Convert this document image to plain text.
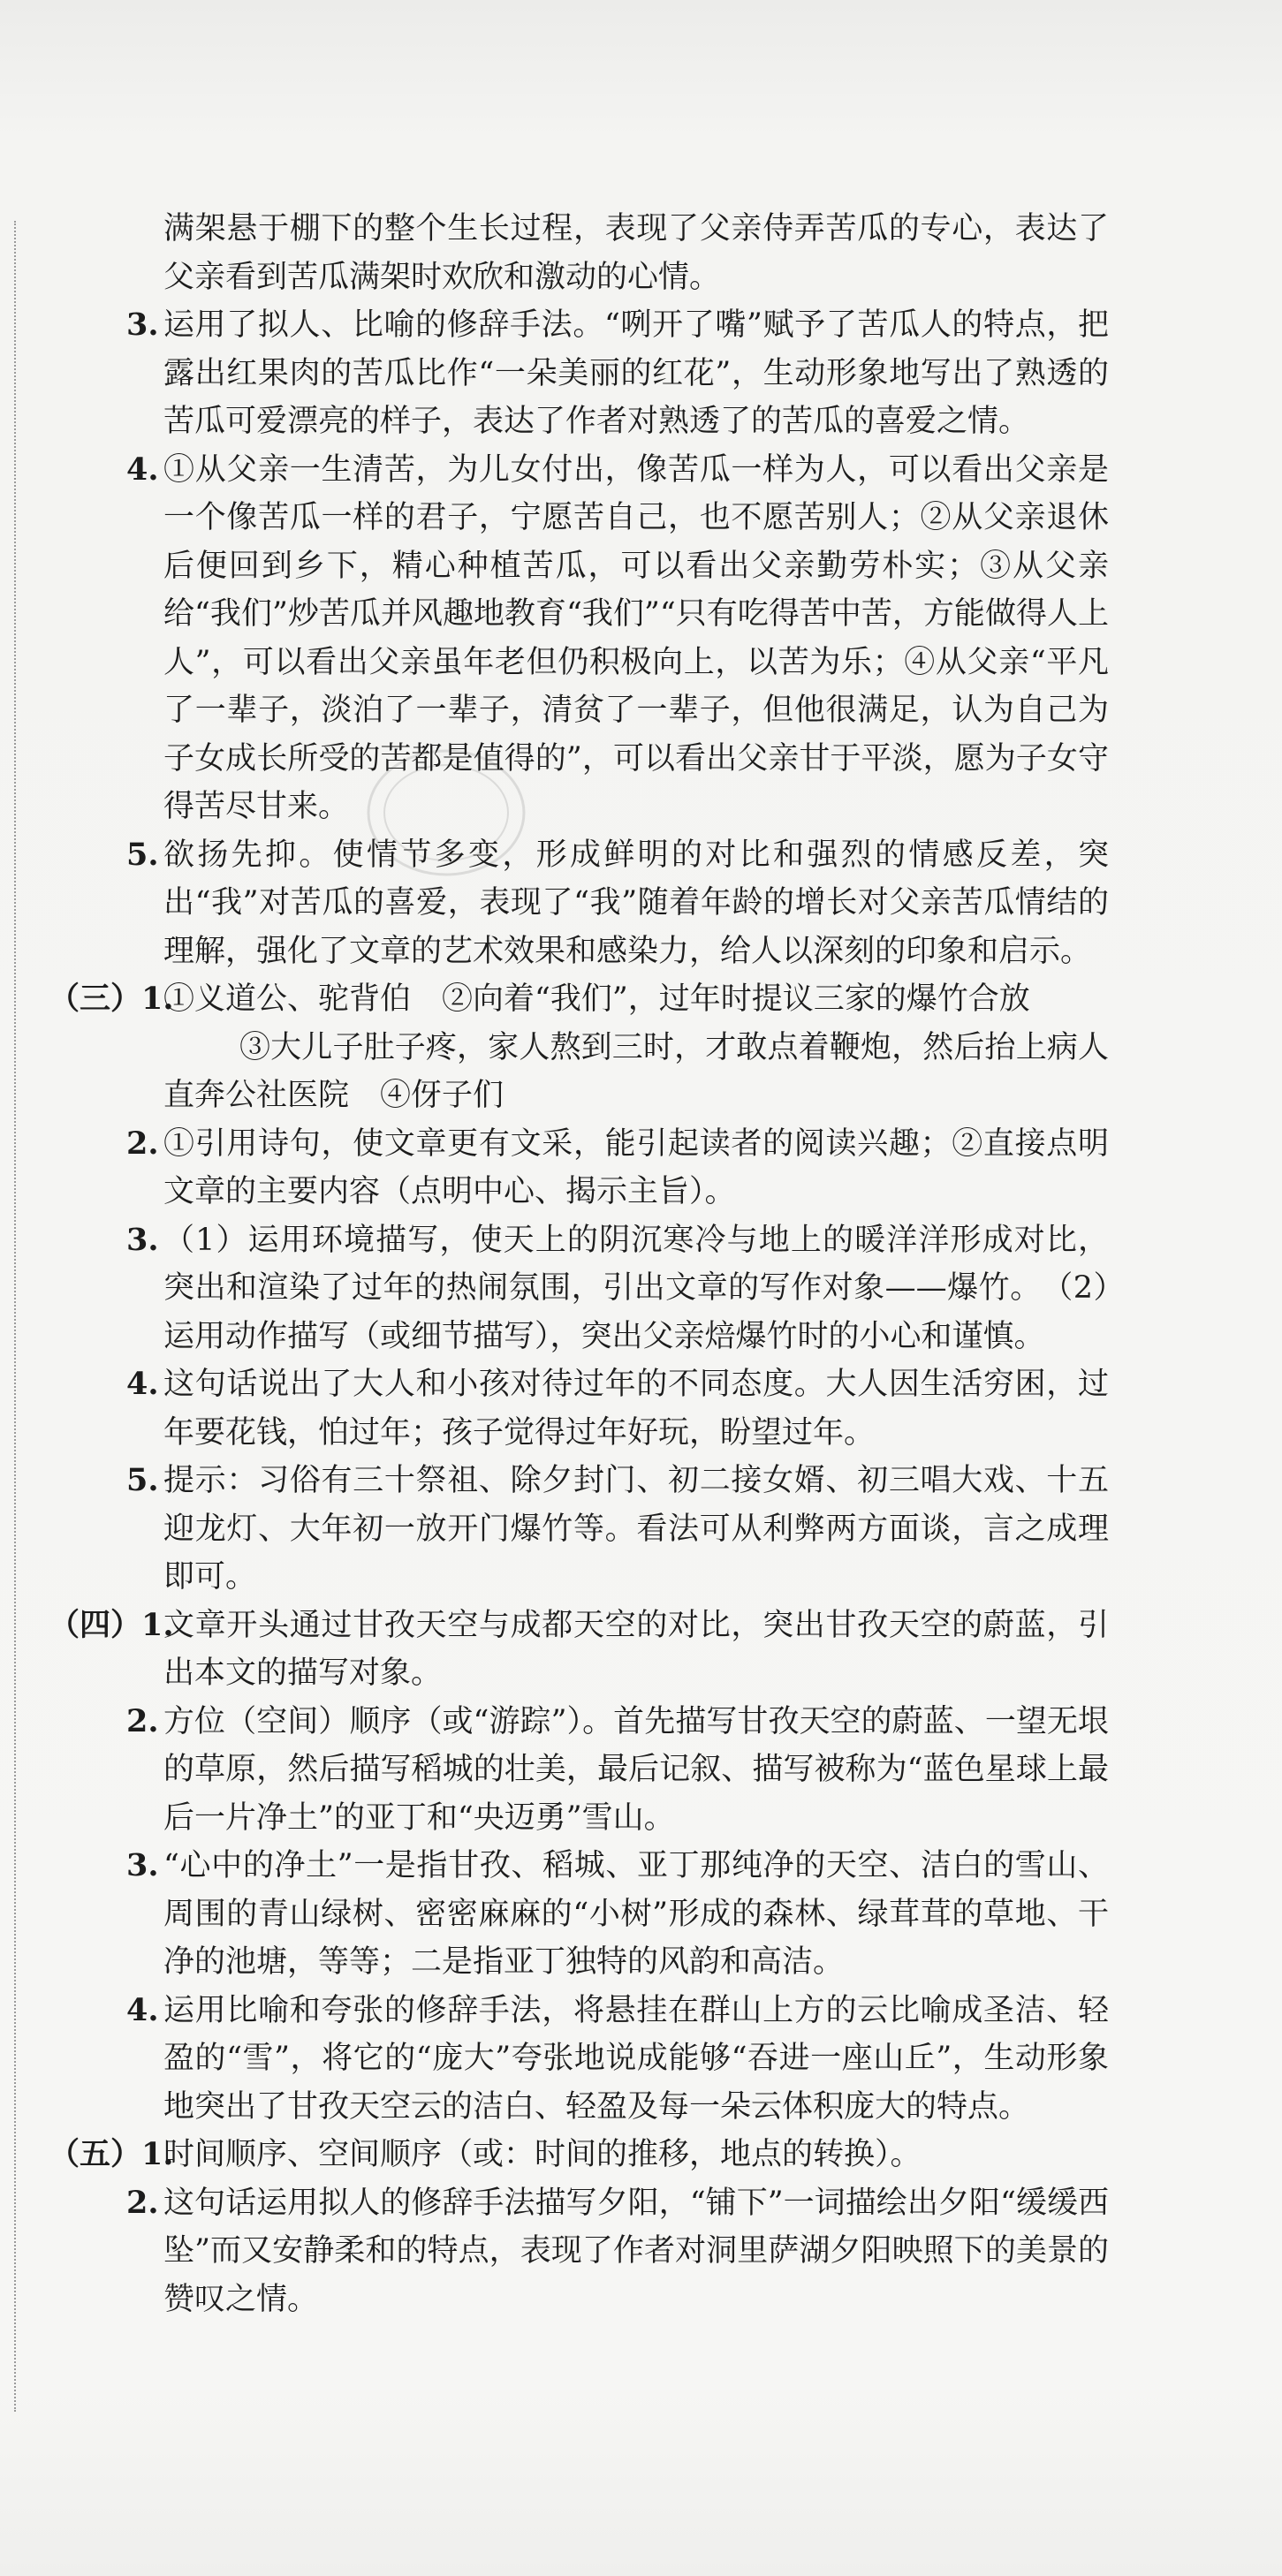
满架悬于棚下的整个生长过程，表现了父亲侍弄苦瓜的专心，表达了父亲看到苦瓜满架时欢欣和激动的心情。

3. 运用了拟人、比喻的修辞手法。“咧开了嘴”赋予了苦瓜人的特点，把露出红果肉的苦瓜比作“一朵美丽的红花”，生动形象地写出了熟透的苦瓜可爱漂亮的样子，表达了作者对熟透了的苦瓜的喜爱之情。

4. ①从父亲一生清苦，为儿女付出，像苦瓜一样为人，可以看出父亲是一个像苦瓜一样的君子，宁愿苦自己，也不愿苦别人；②从父亲退休后便回到乡下，精心种植苦瓜，可以看出父亲勤劳朴实；③从父亲给“我们”炒苦瓜并风趣地教育“我们”“只有吃得苦中苦，方能做得人上人”，可以看出父亲虽年老但仍积极向上，以苦为乐；④从父亲“平凡了一辈子，淡泊了一辈子，清贫了一辈子，但他很满足，认为自己为子女成长所受的苦都是值得的”，可以看出父亲甘于平淡，愿为子女守得苦尽甘来。

5. 欲扬先抑。使情节多变，形成鲜明的对比和强烈的情感反差，突出“我”对苦瓜的喜爱，表现了“我”随着年龄的增长对父亲苦瓜情结的理解，强化了文章的艺术效果和感染力，给人以深刻的印象和启示。

（三）1.

①义道公、驼背伯　②向着“我们”，过年时提议三家的爆竹合放

③大儿子肚子疼，家人熬到三时，才敢点着鞭炮，然后抬上病人直奔公社医院　④伢子们

2. ①引用诗句，使文章更有文采，能引起读者的阅读兴趣；②直接点明文章的主要内容（点明中心、揭示主旨）。

3. （1）运用环境描写，使天上的阴沉寒冷与地上的暖洋洋形成对比，突出和渲染了过年的热闹氛围，引出文章的写作对象——爆竹。　（2）运用动作描写（或细节描写），突出父亲焙爆竹时的小心和谨慎。

4. 这句话说出了大人和小孩对待过年的不同态度。大人因生活穷困，过年要花钱，怕过年；孩子觉得过年好玩，盼望过年。

5. 提示：习俗有三十祭祖、除夕封门、初二接女婿、初三唱大戏、十五迎龙灯、大年初一放开门爆竹等。看法可从利弊两方面谈，言之成理即可。

（四）1.

文章开头通过甘孜天空与成都天空的对比，突出甘孜天空的蔚蓝，引出本文的描写对象。

2. 方位（空间）顺序（或“游踪”）。首先描写甘孜天空的蔚蓝、一望无垠的草原，然后描写稻城的壮美，最后记叙、描写被称为“蓝色星球上最后一片净土”的亚丁和“央迈勇”雪山。

3. “心中的净土”一是指甘孜、稻城、亚丁那纯净的天空、洁白的雪山、周围的青山绿树、密密麻麻的“小树”形成的森林、绿茸茸的草地、干净的池塘，等等；二是指亚丁独特的风韵和高洁。

4. 运用比喻和夸张的修辞手法，将悬挂在群山上方的云比喻成圣洁、轻盈的“雪”，将它的“庞大”夸张地说成能够“吞进一座山丘”，生动形象地突出了甘孜天空云的洁白、轻盈及每一朵云体积庞大的特点。

（五）1.

时间顺序、空间顺序（或：时间的推移，地点的转换）。

2. 这句话运用拟人的修辞手法描写夕阳，“铺下”一词描绘出夕阳“缓缓西坠”而又安静柔和的特点，表现了作者对洞里萨湖夕阳映照下的美景的赞叹之情。
